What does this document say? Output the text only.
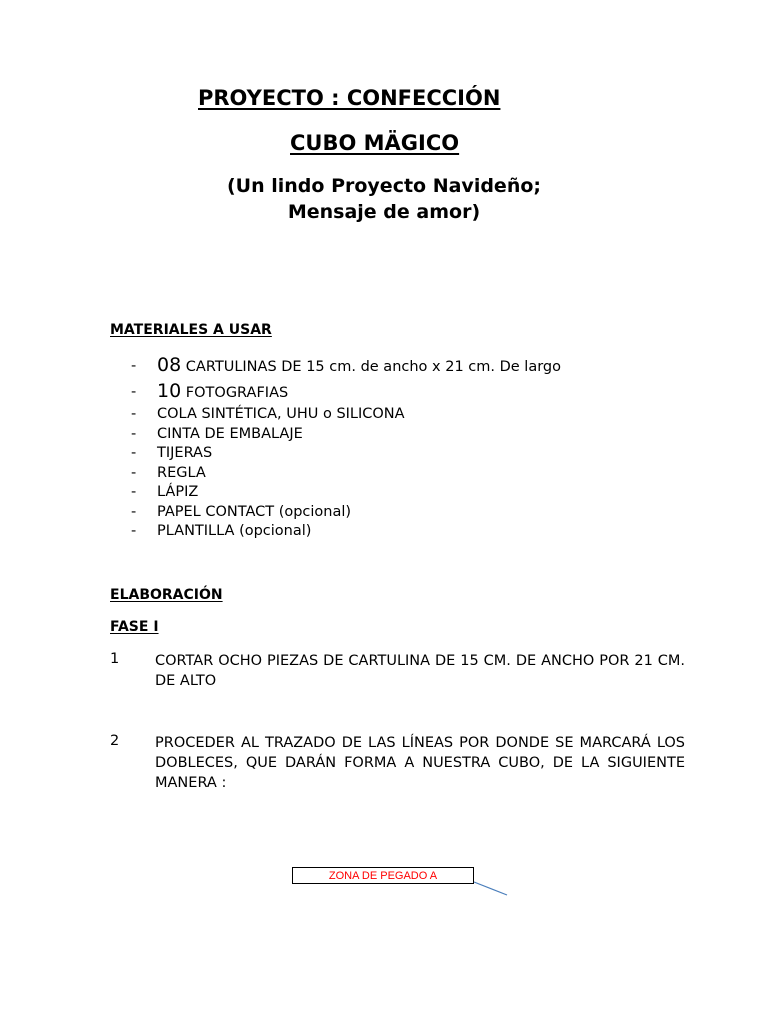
PROYECTO : CONFECCIÓN
CUBO MÄGICO
(Un lindo Proyecto Navideño;
Mensaje de amor)
MATERIALES A USAR
- 08 CARTULINAS DE 15 cm. de ancho x 21 cm. De largo
- 10 FOTOGRAFIAS
- COLA SINTÉTICA, UHU o SILICONA
- CINTA DE EMBALAJE
- TIJERAS
- REGLA
- LÁPIZ
- PAPEL CONTACT (opcional)
- PLANTILLA (opcional)
ELABORACIÓN
FASE I
1 CORTAR OCHO PIEZAS DE CARTULINA DE 15 CM. DE ANCHO POR 21 CM. DE ALTO
2 PROCEDER AL TRAZADO DE LAS LÍNEAS POR DONDE SE MARCARÁ LOS DOBLECES, QUE DARÁN FORMA A NUESTRA CUBO, DE LA SIGUIENTE MANERA :
ZONA DE PEGADO A
